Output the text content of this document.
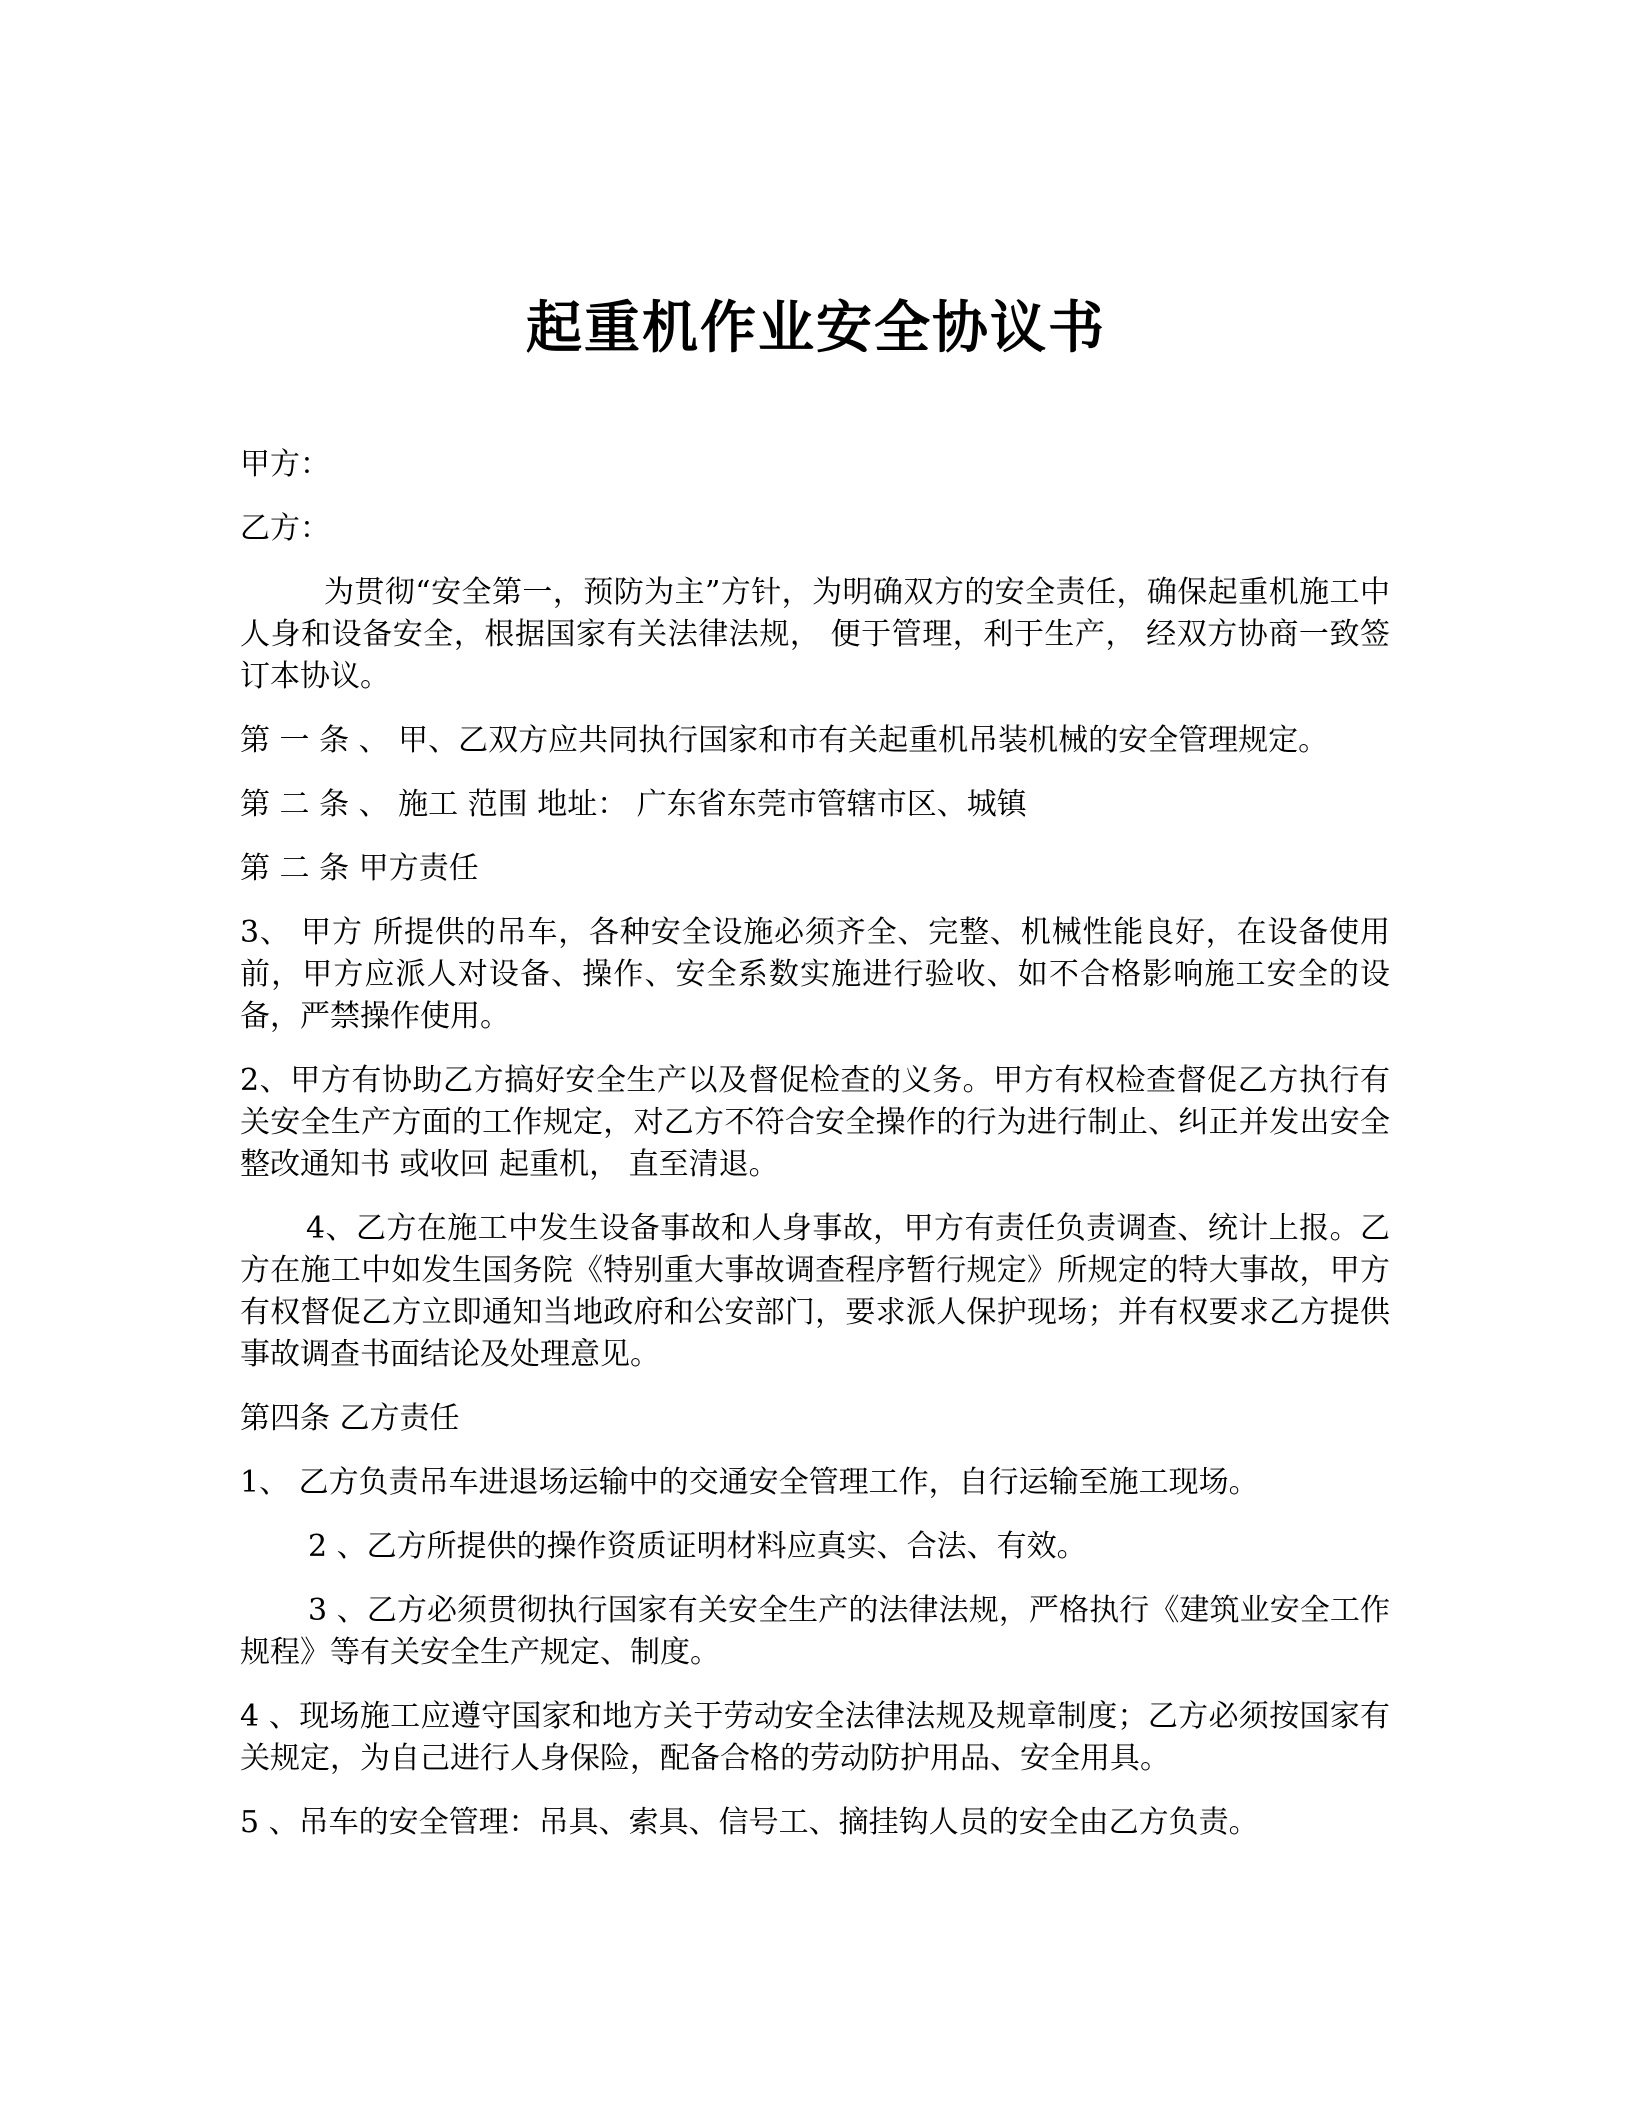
起重机作业安全协议书

甲方：

乙方：

为贯彻“安全第一，预防为主”方针，为明确双方的安全责任，确保起重机施工中人身和设备安全，根据国家有关法律法规， 便于管理，利于生产， 经双方协商一致签订本协议。

第 一 条 、 甲、乙双方应共同执行国家和市有关起重机吊装机械的安全管理规定。

第 二 条 、 施工 范围 地址： 广东省东莞市管辖市区、城镇

第 二 条 甲方责任

3、 甲方 所提供的吊车，各种安全设施必须齐全、完整、机械性能良好，在设备使用前，甲方应派人对设备、操作、安全系数实施进行验收、如不合格影响施工安全的设备，严禁操作使用。

2、甲方有协助乙方搞好安全生产以及督促检查的义务。甲方有权检查督促乙方执行有关安全生产方面的工作规定，对乙方不符合安全操作的行为进行制止、纠正并发出安全整改通知书 或收回 起重机， 直至清退。

4、乙方在施工中发生设备事故和人身事故，甲方有责任负责调查、统计上报。乙方在施工中如发生国务院《特别重大事故调查程序暂行规定》所规定的特大事故，甲方有权督促乙方立即通知当地政府和公安部门，要求派人保护现场；并有权要求乙方提供事故调查书面结论及处理意见。

第四条 乙方责任

1、 乙方负责吊车进退场运输中的交通安全管理工作，自行运输至施工现场。

2 、乙方所提供的操作资质证明材料应真实、合法、有效。

3 、乙方必须贯彻执行国家有关安全生产的法律法规，严格执行《建筑业安全工作规程》等有关安全生产规定、制度。

4 、现场施工应遵守国家和地方关于劳动安全法律法规及规章制度；乙方必须按国家有关规定，为自己进行人身保险，配备合格的劳动防护用品、安全用具。

5 、吊车的安全管理：吊具、索具、信号工、摘挂钩人员的安全由乙方负责。
